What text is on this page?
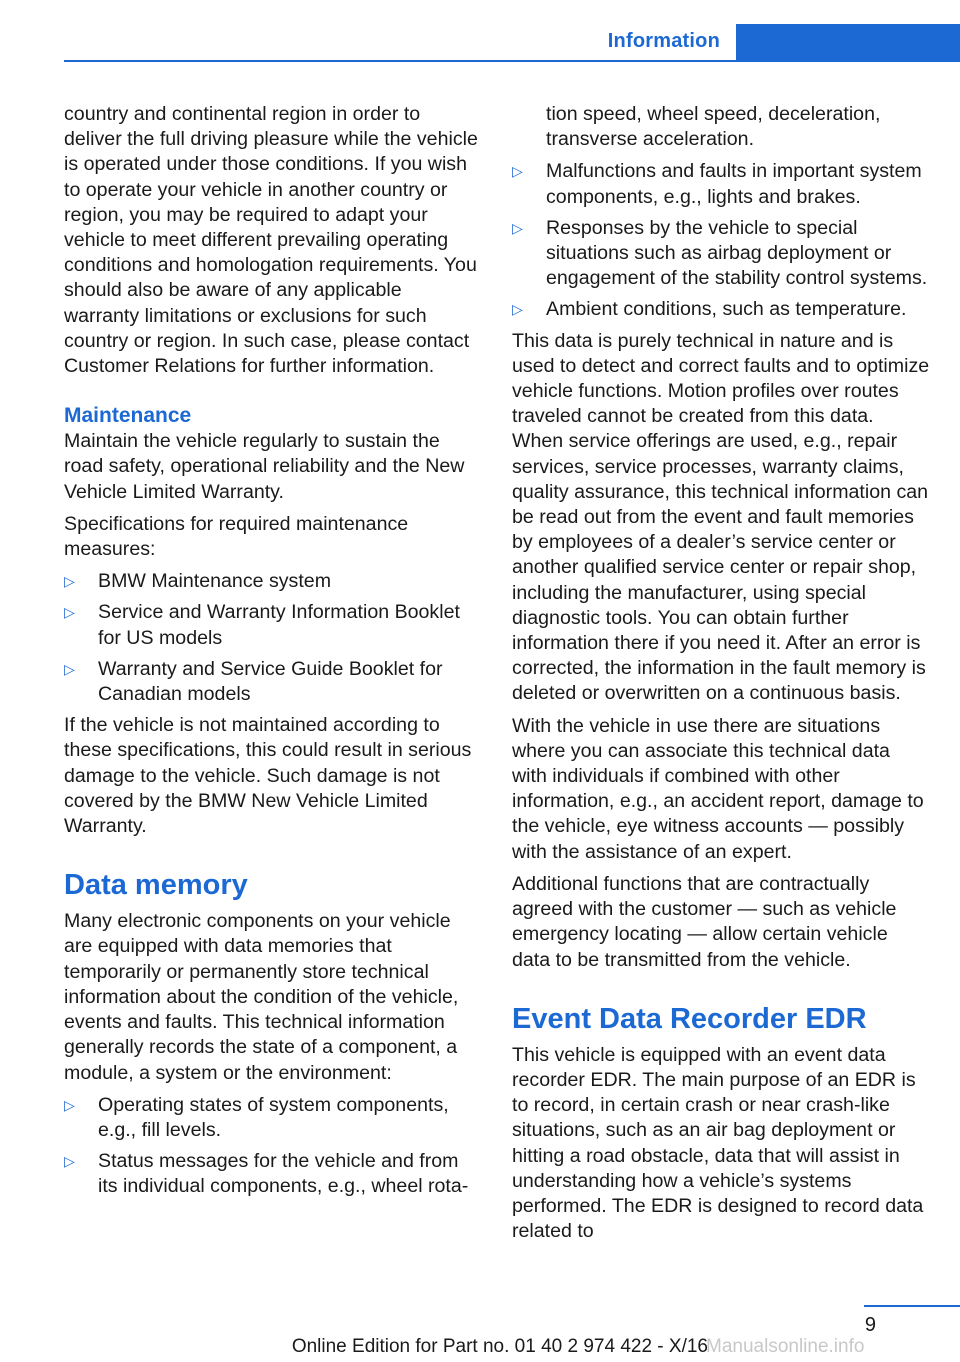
Information

country and continental region in order to deliver the full driving pleasure while the vehicle is operated under those conditions. If you wish to operate your vehicle in another country or region, you may be required to adapt your vehicle to meet different prevailing operating conditions and homologation requirements. You should also be aware of any applicable warranty limitations or exclusions for such country or region. In such case, please contact Customer Relations for further information.

Maintenance

Maintain the vehicle regularly to sustain the road safety, operational reliability and the New Vehicle Limited Warranty.

Specifications for required maintenance measures:

▷ BMW Maintenance system
▷ Service and Warranty Information Booklet for US models
▷ Warranty and Service Guide Booklet for Canadian models

If the vehicle is not maintained according to these specifications, this could result in serious damage to the vehicle. Such damage is not covered by the BMW New Vehicle Limited Warranty.

Data memory

Many electronic components on your vehicle are equipped with data memories that temporarily or permanently store technical information about the condition of the vehicle, events and faults. This technical information generally records the state of a component, a module, a system or the environment:

▷ Operating states of system components, e.g., fill levels.
▷ Status messages for the vehicle and from its individual components, e.g., wheel rota-

tion speed, wheel speed, deceleration, transverse acceleration.

▷ Malfunctions and faults in important system components, e.g., lights and brakes.
▷ Responses by the vehicle to special situations such as airbag deployment or engagement of the stability control systems.
▷ Ambient conditions, such as temperature.

This data is purely technical in nature and is used to detect and correct faults and to optimize vehicle functions. Motion profiles over routes traveled cannot be created from this data. When service offerings are used, e.g., repair services, service processes, warranty claims, quality assurance, this technical information can be read out from the event and fault memories by employees of a dealer’s service center or another qualified service center or repair shop, including the manufacturer, using special diagnostic tools. You can obtain further information there if you need it. After an error is corrected, the information in the fault memory is deleted or overwritten on a continuous basis.

With the vehicle in use there are situations where you can associate this technical data with individuals if combined with other information, e.g., an accident report, damage to the vehicle, eye witness accounts — possibly with the assistance of an expert.

Additional functions that are contractually agreed with the customer — such as vehicle emergency locating — allow certain vehicle data to be transmitted from the vehicle.

Event Data Recorder EDR

This vehicle is equipped with an event data recorder EDR. The main purpose of an EDR is to record, in certain crash or near crash-like situations, such as an air bag deployment or hitting a road obstacle, data that will assist in understanding how a vehicle’s systems performed. The EDR is designed to record data related to

9
Online Edition for Part no. 01 40 2 974 422 - X/16
Manualsonline.info
